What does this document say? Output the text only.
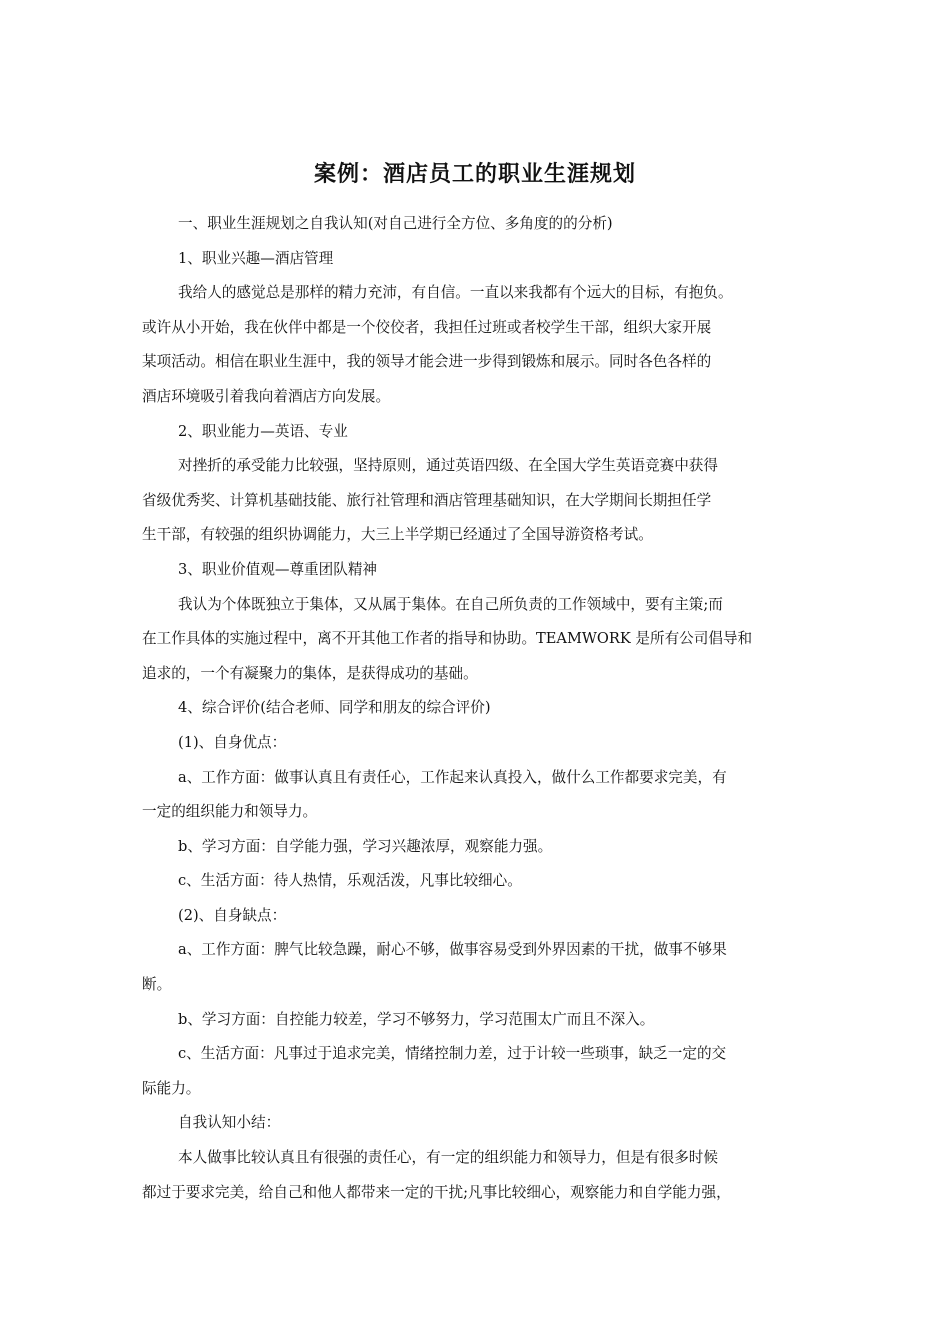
案例：酒店员工的职业生涯规划
一、职业生涯规划之自我认知(对自己进行全方位、多角度的的分析)
1、职业兴趣—酒店管理
我给人的感觉总是那样的精力充沛，有自信。一直以来我都有个远大的目标，有抱负。
或许从小开始，我在伙伴中都是一个佼佼者，我担任过班或者校学生干部，组织大家开展
某项活动。相信在职业生涯中，我的领导才能会进一步得到锻炼和展示。同时各色各样的
酒店环境吸引着我向着酒店方向发展。
2、职业能力—英语、专业
对挫折的承受能力比较强，坚持原则，通过英语四级、在全国大学生英语竞赛中获得
省级优秀奖、计算机基础技能、旅行社管理和酒店管理基础知识，在大学期间长期担任学
生干部，有较强的组织协调能力，大三上半学期已经通过了全国导游资格考试。
3、职业价值观—尊重团队精神
我认为个体既独立于集体，又从属于集体。在自己所负责的工作领域中，要有主策;而
在工作具体的实施过程中，离不开其他工作者的指导和协助。TEAMWORK 是所有公司倡导和
追求的，一个有凝聚力的集体，是获得成功的基础。
4、综合评价(结合老师、同学和朋友的综合评价)
(1)、自身优点：
a、工作方面：做事认真且有责任心，工作起来认真投入，做什么工作都要求完美，有
一定的组织能力和领导力。
b、学习方面：自学能力强，学习兴趣浓厚，观察能力强。
c、生活方面：待人热情，乐观活泼，凡事比较细心。
(2)、自身缺点：
a、工作方面：脾气比较急躁，耐心不够，做事容易受到外界因素的干扰，做事不够果
断。
b、学习方面：自控能力较差，学习不够努力，学习范围太广而且不深入。
c、生活方面：凡事过于追求完美，情绪控制力差，过于计较一些琐事，缺乏一定的交
际能力。
自我认知小结：
本人做事比较认真且有很强的责任心，有一定的组织能力和领导力，但是有很多时候
都过于要求完美，给自己和他人都带来一定的干扰;凡事比较细心，观察能力和自学能力强，
